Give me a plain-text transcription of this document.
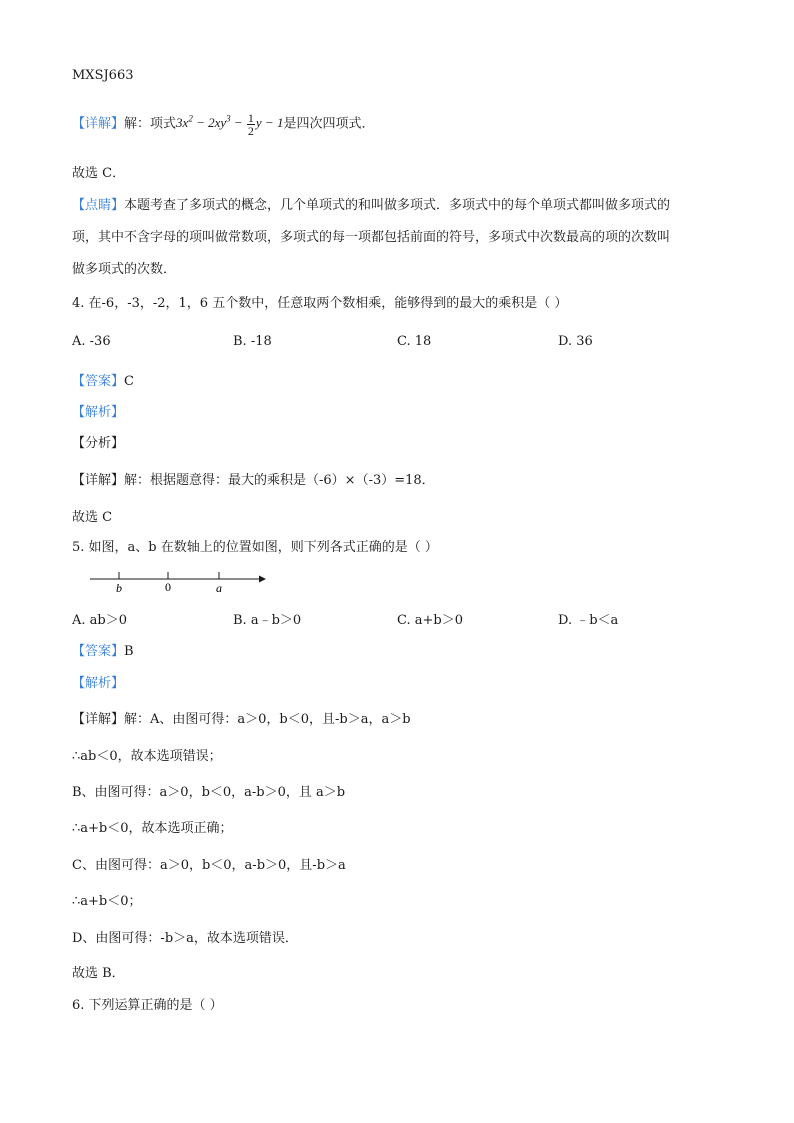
MXSJ663
【详解】解：项式$3x^2 - 2xy^3 - \frac{1}{2}$ y − 1是四次四项式．
故选 C．
【点睛】本题考查了多项式的概念，几个单项式的和叫做多项式．多项式中的每个单项式都叫做多项式的
项，其中不含字母的项叫做常数项，多项式的每一项都包括前面的符号，多项式中次数最高的项的次数叫
做多项式的次数．
4. 在-6，-3，-2，1，6 五个数中，任意取两个数相乘，能够得到的最大的乘积是（ ）
A. -36	B. -18	C. 18	D. 36
【答案】C
【解析】
【分析】
【详解】解：根据题意得：最大的乘积是（-6）×（-3）=18．
故选 C
5. 如图，a、b 在数轴上的位置如图，则下列各式正确的是（ ）
b	0	a
A. ab＞0	B. a﹣b＞0	C. a+b＞0	D. ﹣b＜a
【答案】B
【解析】
【详解】解：A、由图可得：a＞0，b＜0，且-b＞a，a＞b
∴ab＜0，故本选项错误；
B、由图可得：a＞0，b＜0，a-b＞0，且 a＞b
∴a+b＜0，故本选项正确；
C、由图可得：a＞0，b＜0，a-b＞0，且-b＞a
∴a+b＜0；
D、由图可得：-b＞a，故本选项错误．
故选 B．
6. 下列运算正确的是（ ）
